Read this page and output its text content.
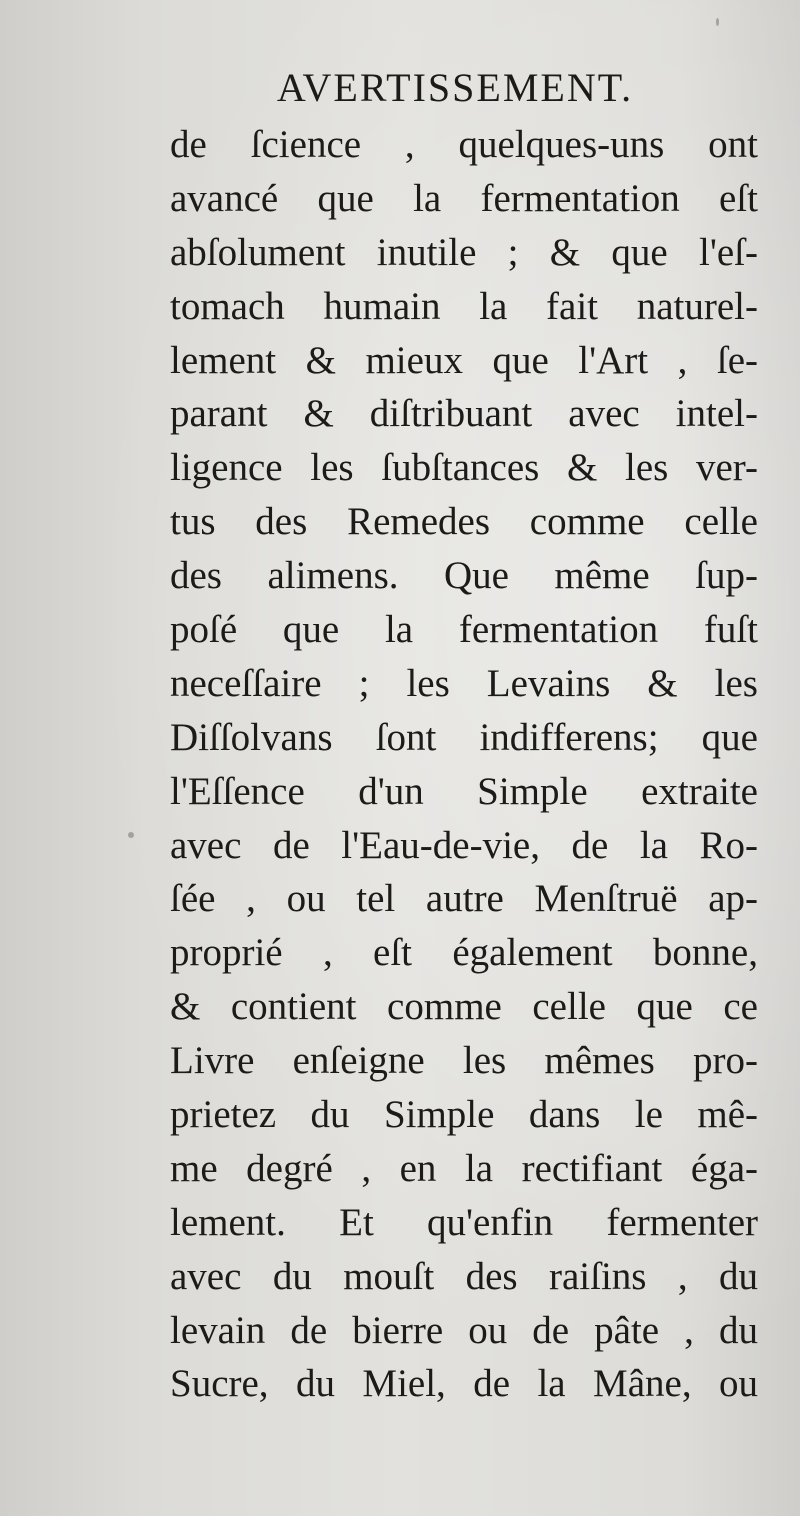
AVERTISSEMENT.
de ſcience , quelques-uns ont
avancé que la fermentation eſt
abſolument inutile ; & que l'eſ-
tomach humain la fait naturel-
lement & mieux que l'Art , ſe-
parant & diſtribuant avec intel-
ligence les ſubſtances & les ver-
tus des Remedes comme celle
des alimens. Que même ſup-
poſé que la fermentation fuſt
neceſſaire ; les Levains & les
Diſſolvans ſont indifferens; que
l'Eſſence d'un Simple extraite
avec de l'Eau-de-vie, de la Ro-
ſée , ou tel autre Menſtruë ap-
proprié , eſt également bonne,
& contient comme celle que ce
Livre enſeigne les mêmes pro-
prietez du Simple dans le mê-
me degré , en la rectifiant éga-
lement. Et qu'enfin fermenter
avec du mouſt des raiſins , du
levain de bierre ou de pâte , du
Sucre, du Miel, de la Mâne, ou
